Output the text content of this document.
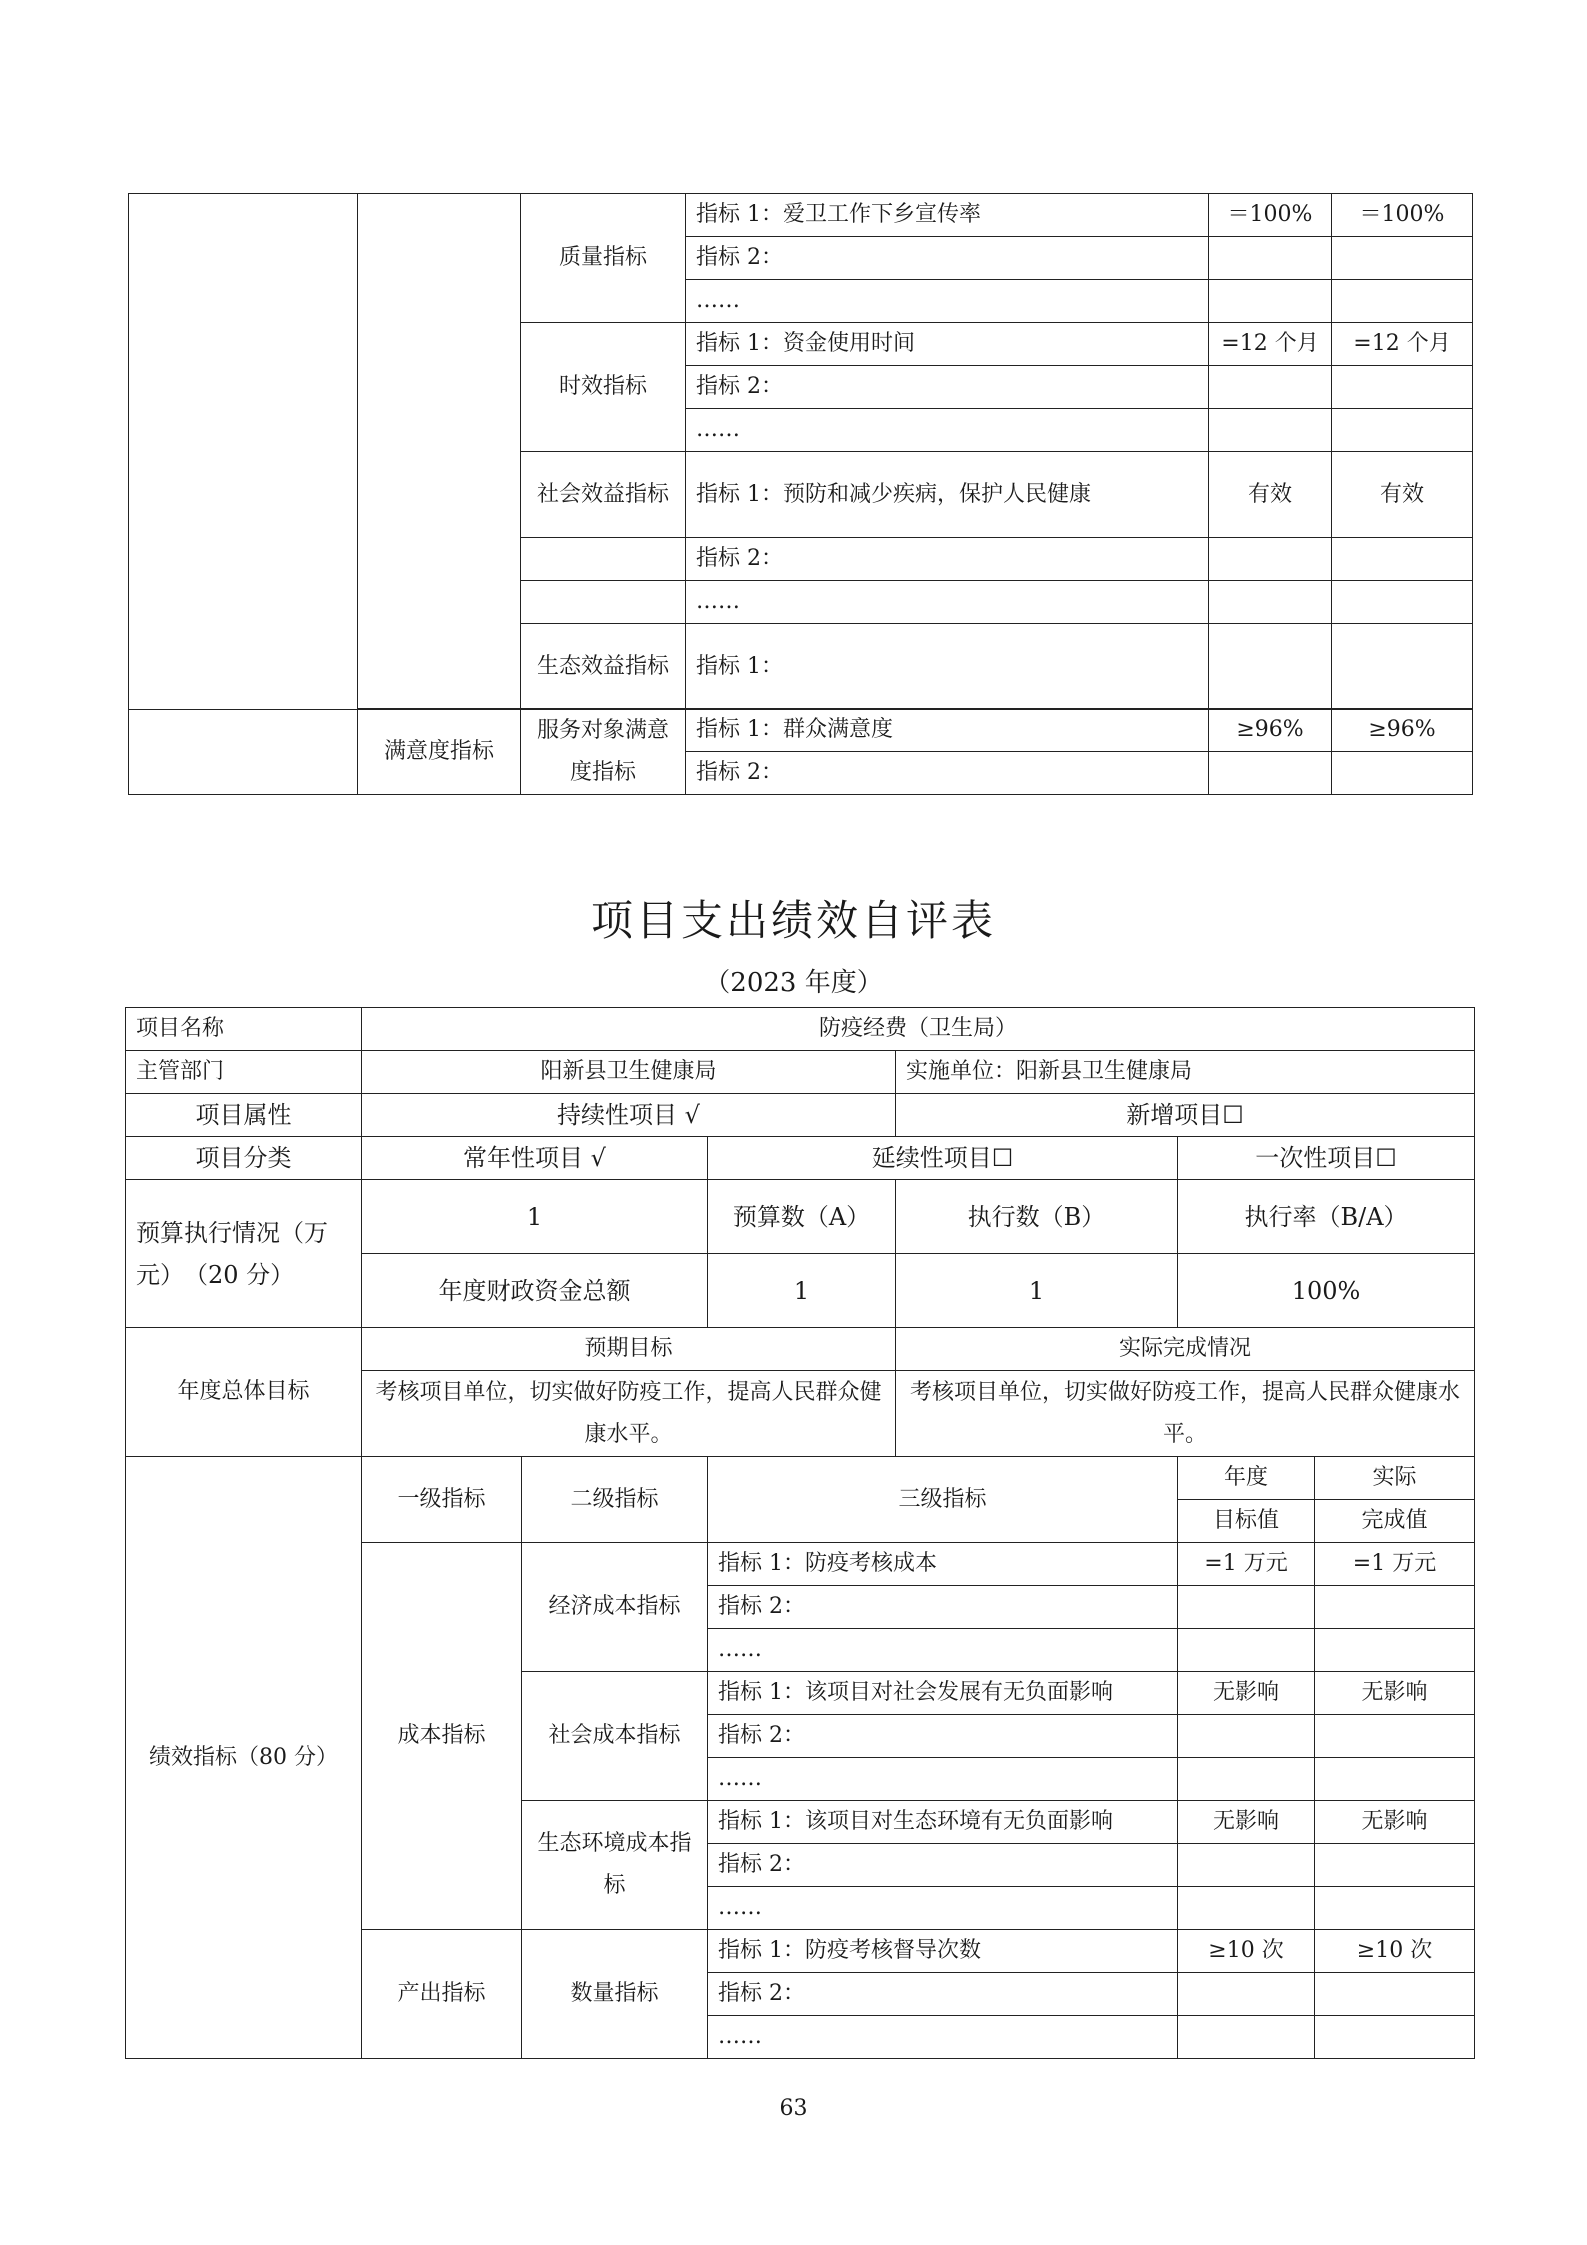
		质量指标	指标 1：爱卫工作下乡宣传率	＝100%	＝100%
			指标 2：		
			……		
		时效指标	指标 1：资金使用时间	=12 个月	=12 个月
			指标 2：		
			……		
		社会效益指标	指标 1：预防和减少疾病，保护人民健康	有效	有效
			指标 2：		
			……		
		生态效益指标	指标 1：		
	满意度指标	服务对象满意度指标	指标 1：群众满意度	≥96%	≥96%
			指标 2：		
项目支出绩效自评表
（2023 年度）
项目名称	防疫经费（卫生局）					
主管部门	阳新县卫生健康局			实施单位：阳新县卫生健康局		
项目属性	持续性项目 √			新增项目☐		
项目分类	常年性项目 √		延续性项目☐		一次性项目☐	
预算执行情况（万元）　（20 分）	1		预算数（A）	执行数（B）	执行率（B/A）	
	年度财政资金总额		1	1	100%	
年度总体目标	预期目标			实际完成情况		
	考核项目单位，切实做好防疫工作，提高人民群众健康水平。			考核项目单位，切实做好防疫工作，提高人民群众健康水平。		
绩效指标（80 分）	一级指标	二级指标	三级指标		年度	实际
					目标值	完成值
	成本指标	经济成本指标	指标 1：防疫考核成本		=1 万元	=1 万元
			指标 2：			
			……			
		社会成本指标	指标 1：该项目对社会发展有无负面影响		无影响	无影响
			指标 2：			
			……			
		生态环境成本指标	指标 1：该项目对生态环境有无负面影响		无影响	无影响
			指标 2：			
			……			
	产出指标	数量指标	指标 1：防疫考核督导次数		≥10 次	≥10 次
			指标 2：			
			……			
63
